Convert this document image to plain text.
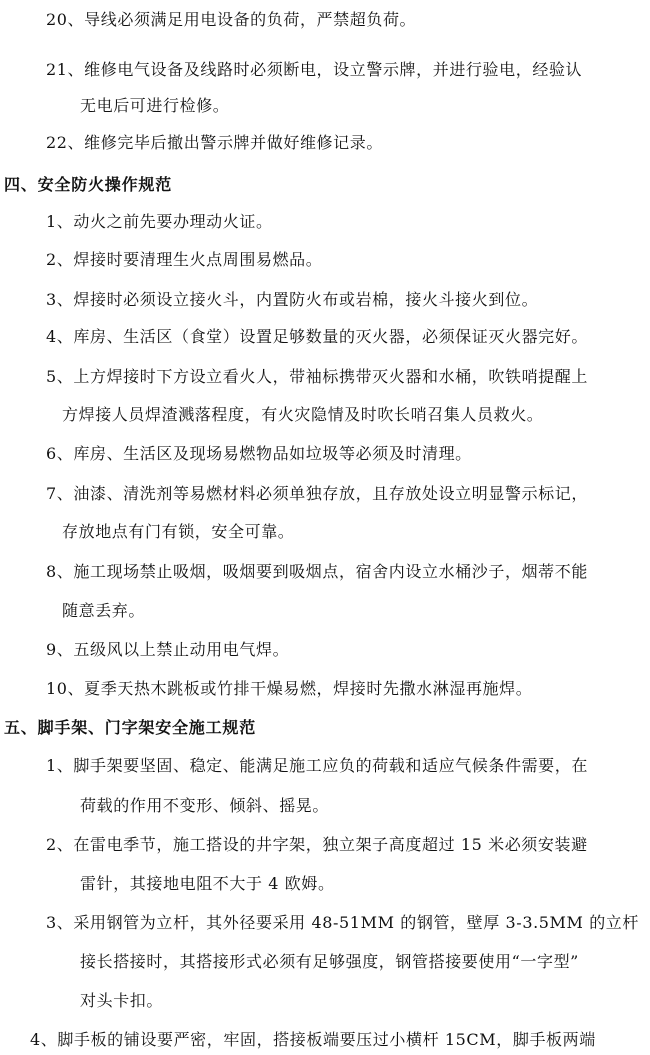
20、导线必须满足用电设备的负荷，严禁超负荷。
21、维修电气设备及线路时必须断电，设立警示牌，并进行验电，经验认
无电后可进行检修。
22、维修完毕后撤出警示牌并做好维修记录。
四、安全防火操作规范
1、动火之前先要办理动火证。
2、焊接时要清理生火点周围易燃品。
3、焊接时必须设立接火斗，内置防火布或岩棉，接火斗接火到位。
4、库房、生活区（食堂）设置足够数量的灭火器，必须保证灭火器完好。
5、上方焊接时下方设立看火人，带袖标携带灭火器和水桶，吹铁哨提醒上
方焊接人员焊渣溅落程度，有火灾隐情及时吹长哨召集人员救火。
6、库房、生活区及现场易燃物品如垃圾等必须及时清理。
7、油漆、清洗剂等易燃材料必须单独存放，且存放处设立明显警示标记，
存放地点有门有锁，安全可靠。
8、施工现场禁止吸烟，吸烟要到吸烟点，宿舍内设立水桶沙子，烟蒂不能
随意丢弃。
9、五级风以上禁止动用电气焊。
10、夏季天热木跳板或竹排干燥易燃，焊接时先撒水淋湿再施焊。
五、脚手架、门字架安全施工规范
1、脚手架要坚固、稳定、能满足施工应负的荷载和适应气候条件需要，在
荷载的作用不变形、倾斜、摇晃。
2、在雷电季节，施工搭设的井字架，独立架子高度超过 15 米必须安装避
雷针，其接地电阻不大于 4 欧姆。
3、采用钢管为立杆，其外径要采用 48-51MM 的钢管，壁厚 3-3.5MM 的立杆
接长搭接时，其搭接形式必须有足够强度，钢管搭接要使用“一字型”
对头卡扣。
4、脚手板的铺设要严密，牢固，搭接板端要压过小横杆 15CM，脚手板两端
